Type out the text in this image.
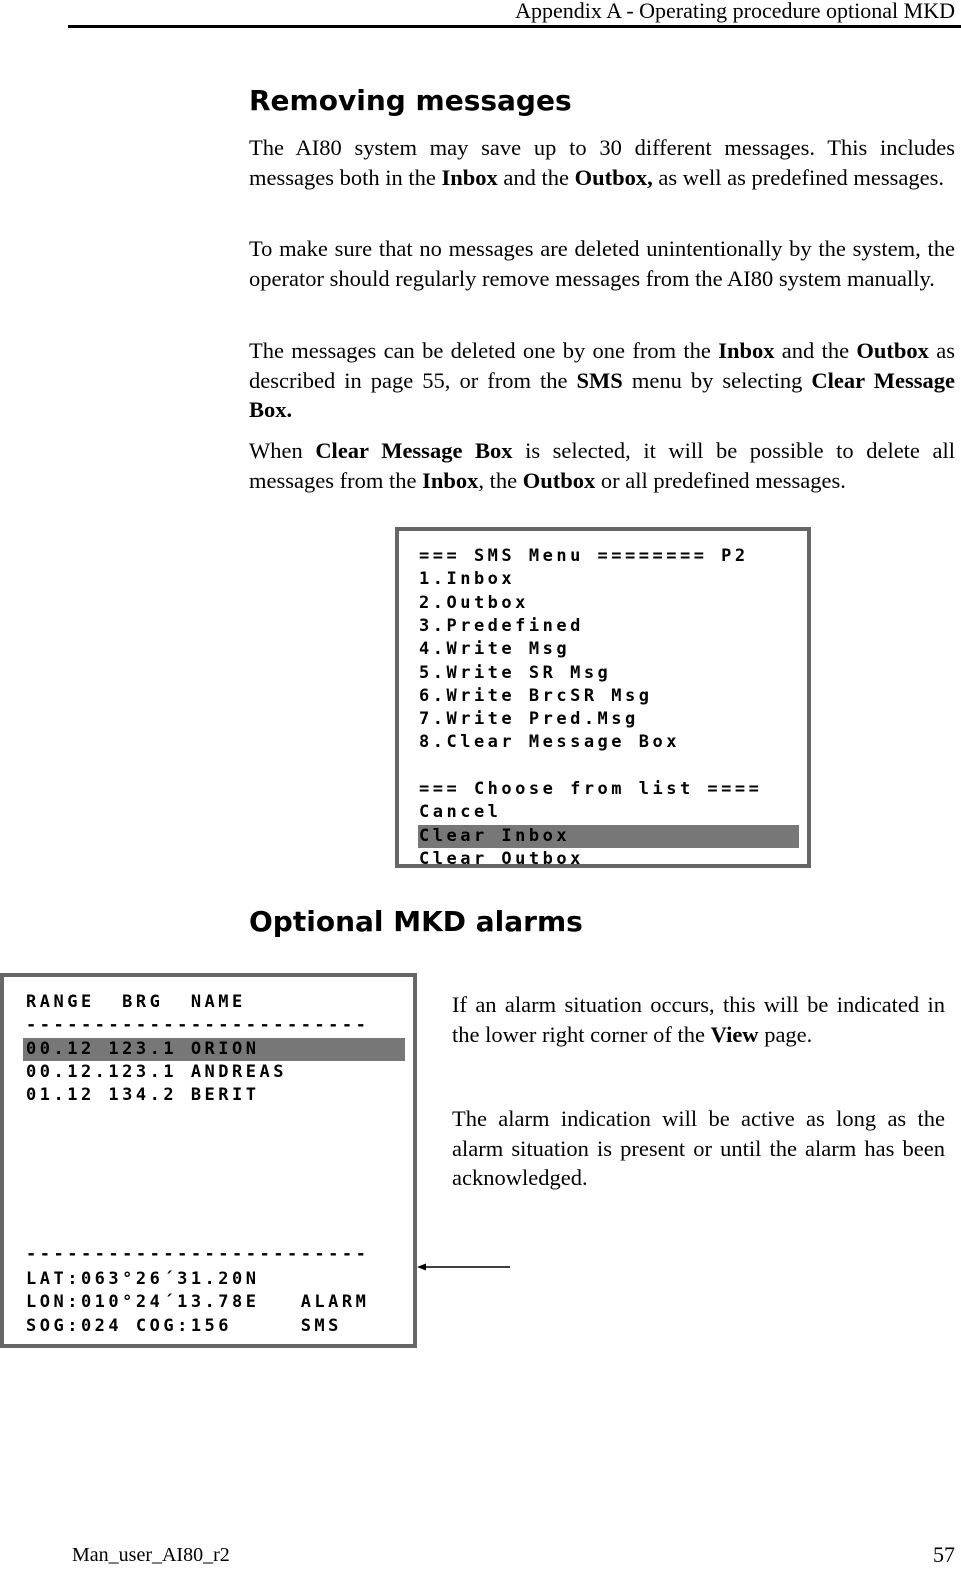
Appendix A - Operating procedure optional MKD
Removing messages

The AI80 system may save up to 30 different messages. This includes messages both in the Inbox and the Outbox, as well as predefined messages.

To make sure that no messages are deleted unintentionally by the system, the operator should regularly remove messages from the AI80 system manually.

The messages can be deleted one by one from the Inbox and the Outbox as described in page 55, or from the SMS menu by selecting Clear Message Box.

When Clear Message Box is selected, it will be possible to delete all messages from the Inbox, the Outbox or all predefined messages.

=== SMS Menu ======== P2
1.Inbox
2.Outbox
3.Predefined
4.Write Msg
5.Write SR Msg
6.Write BrcSR Msg
7.Write Pred.Msg
8.Clear Message Box
=== Choose from list ====
Cancel
Clear Inbox
Clear Outbox
Optional MKD alarms
RANGE  BRG  NAME
-------------------------
00.12 123.1 ORION
00.12.123.1 ANDREAS
01.12 134.2 BERIT
-------------------------
LAT:063°26´31.20N
LON:010°24´13.78E   ALARM
SOG:024 COG:156     SMS

If an alarm situation occurs, this will be indicated in the lower right corner of the View page.

The alarm indication will be active as long as the alarm situation is present or until the alarm has been acknowledged.

Man_user_AI80_r2	57
